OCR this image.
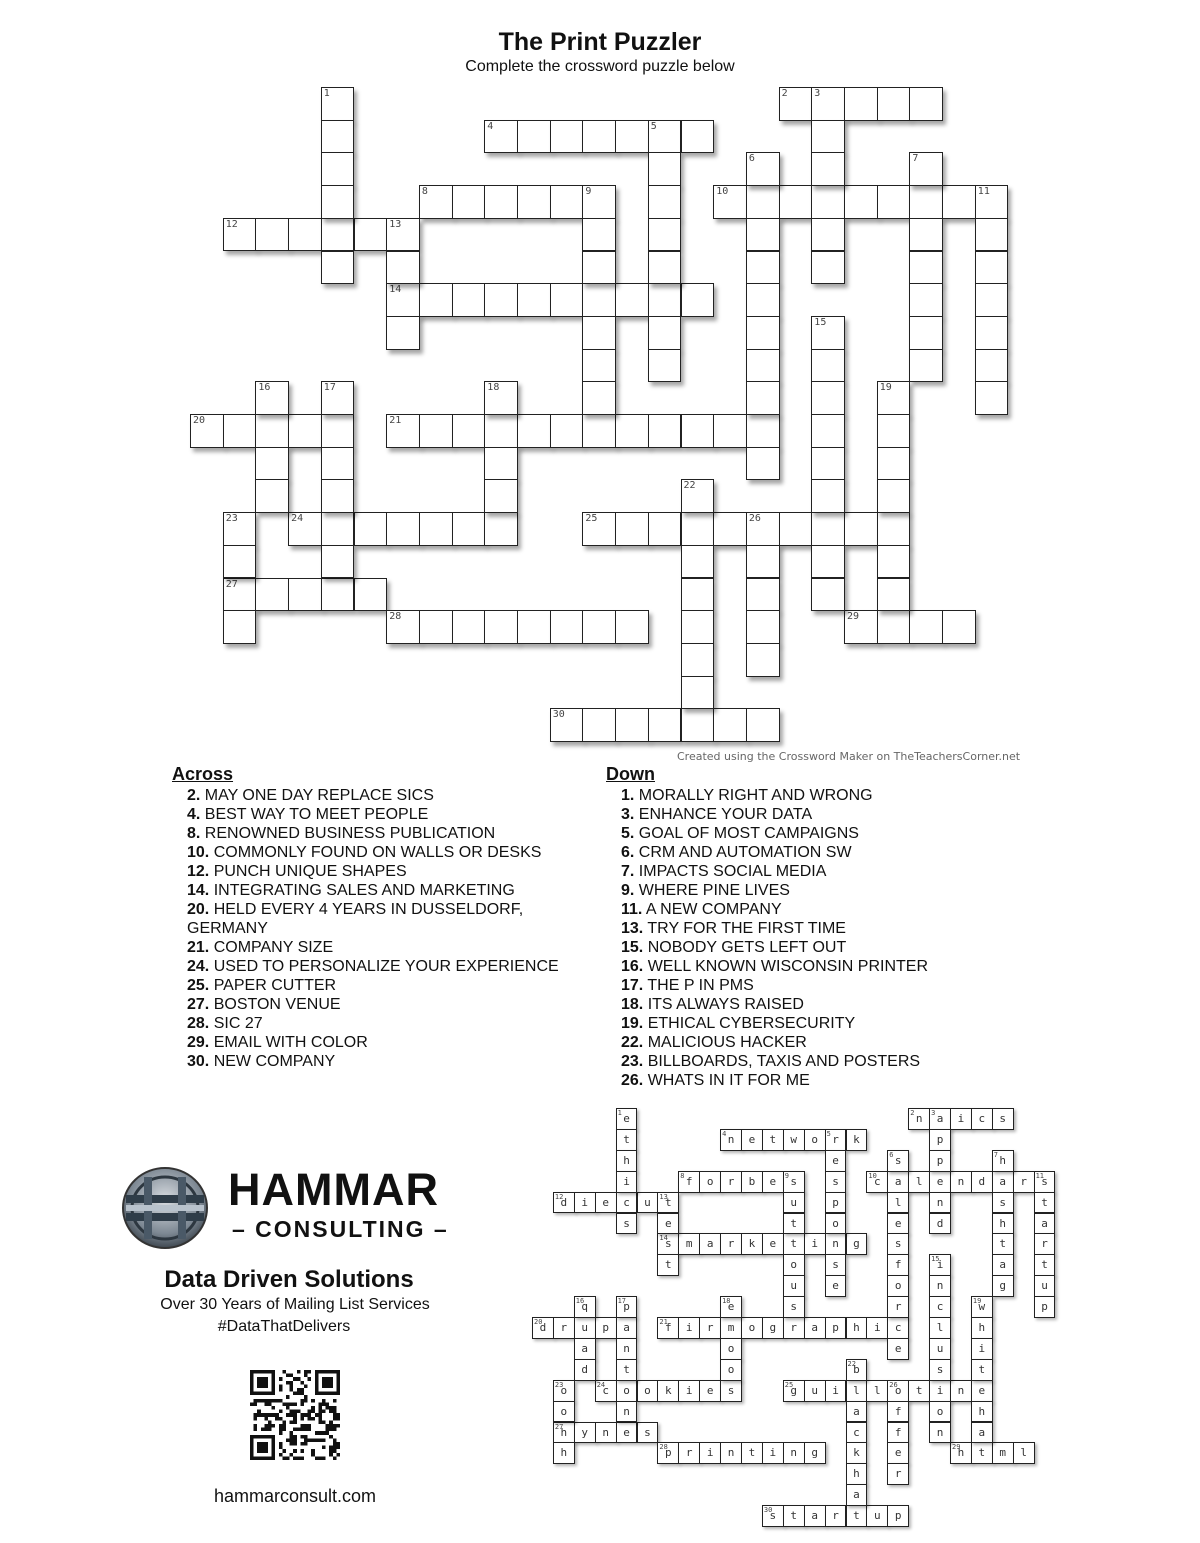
The Print Puzzler
Complete the crossword puzzle below
2	3
4	5
8	9	10	11
12	13
14
20	21
24	25	26
27
28	29
30
1
6	7
15
16	17	18	19
22
23
Created using the Crossword Maker on TheTeachersCorner.net
Across
2. MAY ONE DAY REPLACE SICS
4. BEST WAY TO MEET PEOPLE
8. RENOWNED BUSINESS PUBLICATION
10. COMMONLY FOUND ON WALLS OR DESKS
12. PUNCH UNIQUE SHAPES
14. INTEGRATING SALES AND MARKETING
20. HELD EVERY 4 YEARS IN DUSSELDORF,
GERMANY
21. COMPANY SIZE
24. USED TO PERSONALIZE YOUR EXPERIENCE
25. PAPER CUTTER
27. BOSTON VENUE
28. SIC 27
29. EMAIL WITH COLOR
30. NEW COMPANY
Down
1. MORALLY RIGHT AND WRONG
3. ENHANCE YOUR DATA
5. GOAL OF MOST CAMPAIGNS
6. CRM AND AUTOMATION SW
7. IMPACTS SOCIAL MEDIA
9. WHERE PINE LIVES
11. A NEW COMPANY
13. TRY FOR THE FIRST TIME
15. NOBODY GETS LEFT OUT
16. WELL KNOWN WISCONSIN PRINTER
17. THE P IN PMS
18. ITS ALWAYS RAISED
19. ETHICAL CYBERSECURITY
22. MALICIOUS HACKER
23. BILLBOARDS, TAXIS AND POSTERS
26. WHATS IN IT FOR ME
2 n	3 a	i	c	s
4 n	e	t	w	o	5 r	k
8 f	o	r	b	e	9 s	10
c	a	l	e	n	d	a	r	11
s
12
d	i	e	c	u	13
t
14
s	m	a	r	k	e	t	i	n	g
20
d	r	u	p	a	21
f	i	r	m	o	g	r	a	p	h	i	c
24
c	o	o	k	i	e	s	25
g	u	i	l	l	26
o	t	i	n	e
27
h	y	n	e	s
28
p	r	i	n	t	i	n	g	29
h	t	m	l
30
s	t	a	r	t	u	p
1 e
t
h
i
s
p
p
n
d
e
s
p
o
s
e
6 s
l
e
s
f
o
r
e
7 h
s
h
t
a
g
u
t
o
u
s
t
a
r
t
u
p
e
t	15
i
n
c
l
u
s
o
n
16
q
a
d
17
p
n
t
n
18
e
o
o
19
w
h
i
t
h
a
22
b
a
c
k
h
a
23
o
o
h
f
f
e
r
HAMMAR
– CONSULTING –
Data Driven Solutions
Over 30 Years of Mailing List Services
#DataThatDelivers
hammarconsult.com
